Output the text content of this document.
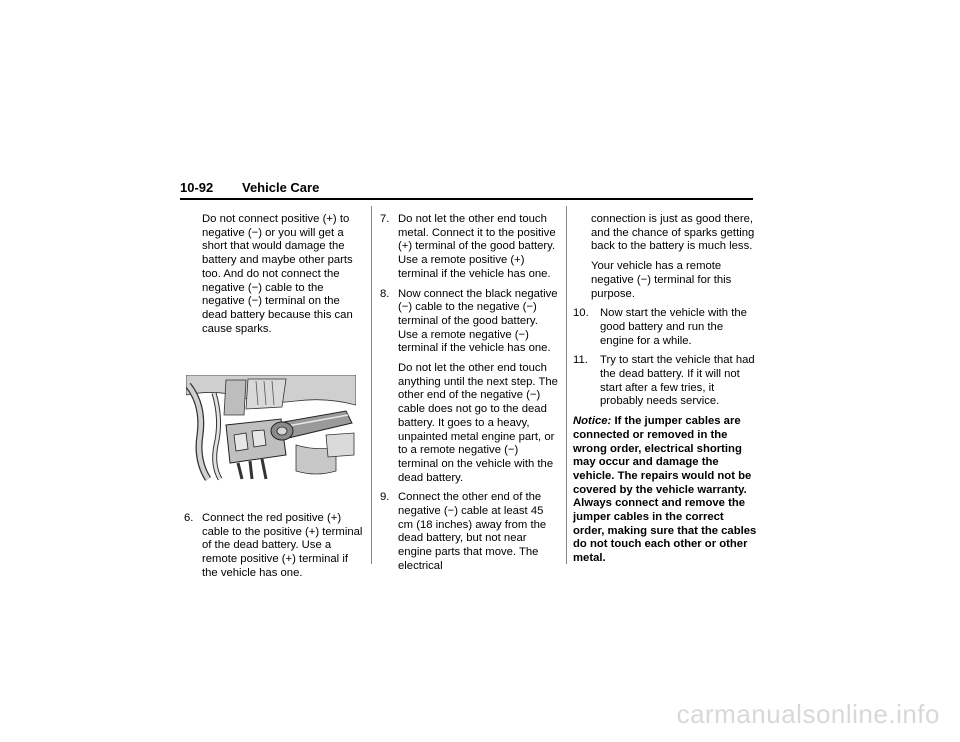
10-92 Vehicle Care

Do not connect positive (+) to negative (−) or you will get a short that would damage the battery and maybe other parts too. And do not connect the negative (−) cable to the negative (−) terminal on the dead battery because this can cause sparks.

6. Connect the red positive (+) cable to the positive (+) terminal of the dead battery. Use a remote positive (+) terminal if the vehicle has one.
7. Do not let the other end touch metal. Connect it to the positive (+) terminal of the good battery. Use a remote positive (+) terminal if the vehicle has one.
8. Now connect the black negative (−) cable to the negative (−) terminal of the good battery. Use a remote negative (−) terminal if the vehicle has one.

Do not let the other end touch anything until the next step. The other end of the negative (−) cable does not go to the dead battery. It goes to a heavy, unpainted metal engine part, or to a remote negative (−) terminal on the vehicle with the dead battery.

9. Connect the other end of the negative (−) cable at least 45 cm (18 inches) away from the dead battery, but not near engine parts that move. The electrical

connection is just as good there, and the chance of sparks getting back to the battery is much less.

Your vehicle has a remote negative (−) terminal for this purpose.

10. Now start the vehicle with the good battery and run the engine for a while.
11.	Try to start the vehicle that had the dead battery. If it will not start after a few tries, it probably needs service.

Notice: If the jumper cables are connected or removed in the wrong order, electrical shorting may occur and damage the vehicle. The repairs would not be covered by the vehicle warranty. Always connect and remove the jumper cables in the correct order, making sure that the cables do not touch each other or other metal.

carmanualsonline.info
